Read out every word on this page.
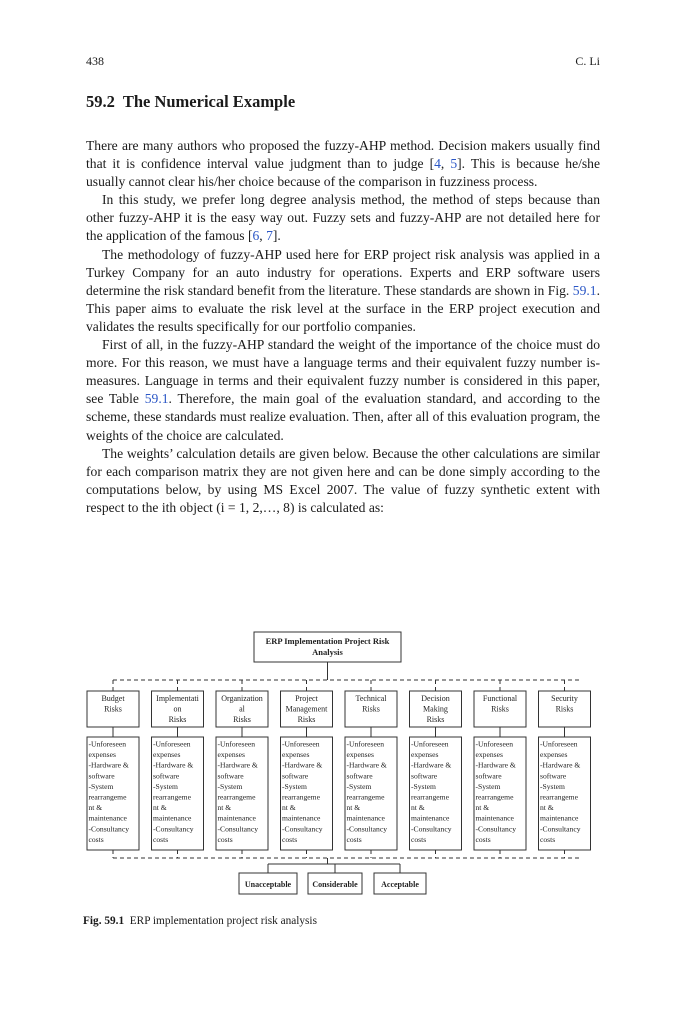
438	C. Li
59.2 The Numerical Example

There are many authors who proposed the fuzzy-AHP method. Decision makers usually find that it is confidence interval value judgment than to judge [4, 5]. This is because he/she usually cannot clear his/her choice because of the comparison in fuzziness process.

In this study, we prefer long degree analysis method, the method of steps because than other fuzzy-AHP it is the easy way out. Fuzzy sets and fuzzy-AHP are not detailed here for the application of the famous [6, 7].

The methodology of fuzzy-AHP used here for ERP project risk analysis was applied in a Turkey Company for an auto industry for operations. Experts and ERP software users determine the risk standard benefit from the literature. These standards are shown in Fig. 59.1. This paper aims to evaluate the risk level at the surface in the ERP project execution and validates the results specifically for our portfolio companies.

First of all, in the fuzzy-AHP standard the weight of the importance of the choice must do more. For this reason, we must have a language terms and their equivalent fuzzy number is-measures. Language in terms and their equivalent fuzzy number is considered in this paper, see Table 59.1. Therefore, the main goal of the evaluation standard, and according to the scheme, these standards must realize evaluation. Then, after all of this evaluation program, the weights of the choice are calculated.

The weights’ calculation details are given below. Because the other calculations are similar for each comparison matrix they are not given here and can be done simply according to the computations below, by using MS Excel 2007. The value of fuzzy synthetic extent with respect to the ith object (i = 1, 2,…, 8) is calculated as:

ERP Implementation Project Risk
Analysis
Budget
Risks
-Unforeseen
expenses
-Hardware &
software
-System
rearrangeme
nt &
maintenance
-Consultancy
costs
Implementati
on
Risks
-Unforeseen
expenses
-Hardware &
software
-System
rearrangeme
nt &
maintenance
-Consultancy
costs
Organization
al
Risks
-Unforeseen
expenses
-Hardware &
software
-System
rearrangeme
nt &
maintenance
-Consultancy
costs
Project
Management
Risks
-Unforeseen
expenses
-Hardware &
software
-System
rearrangeme
nt &
maintenance
-Consultancy
costs
Technical
Risks
-Unforeseen
expenses
-Hardware &
software
-System
rearrangeme
nt &
maintenance
-Consultancy
costs
Decision
Making
Risks
-Unforeseen
expenses
-Hardware &
software
-System
rearrangeme
nt &
maintenance
-Consultancy
costs
Functional
Risks
-Unforeseen
expenses
-Hardware &
software
-System
rearrangeme
nt &
maintenance
-Consultancy
costs
Security
Risks
-Unforeseen
expenses
-Hardware &
software
-System
rearrangeme
nt &
maintenance
-Consultancy
costs
Unacceptable	Considerable	Acceptable
Fig. 59.1 ERP implementation project risk analysis
